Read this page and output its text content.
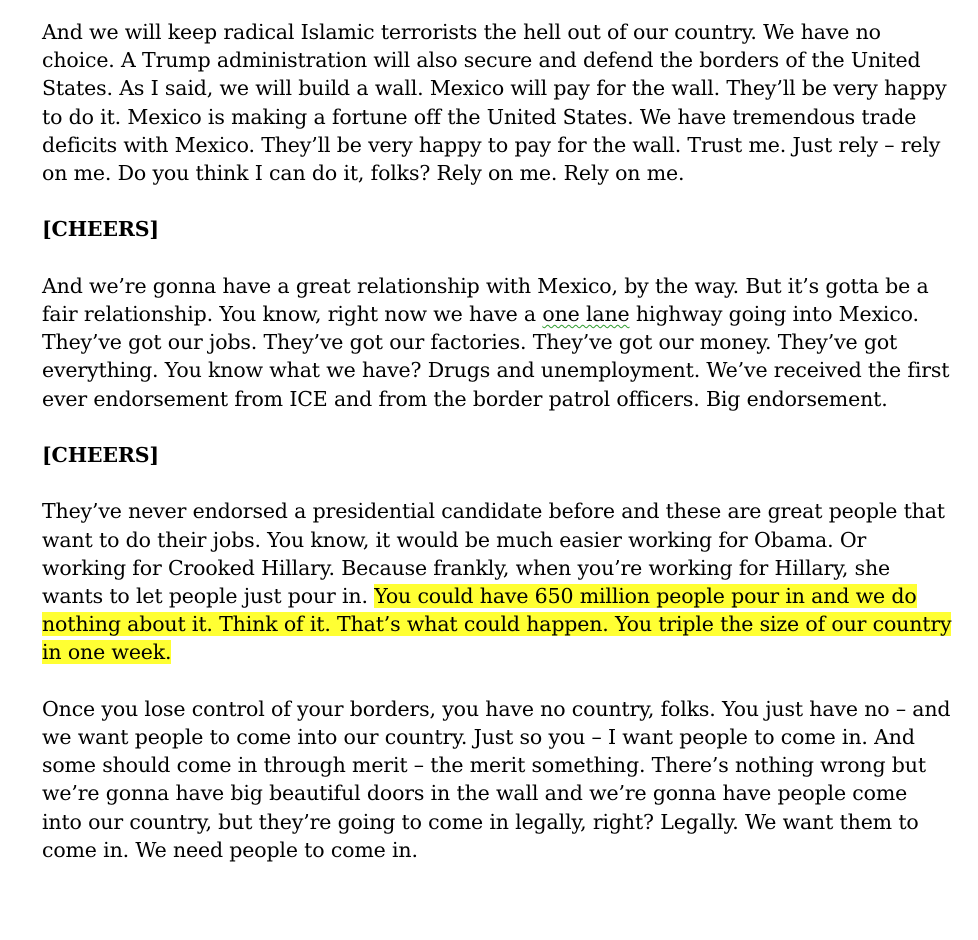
And we will keep radical Islamic terrorists the hell out of our country. We have no choice. A Trump administration will also secure and defend the borders of the United States. As I said, we will build a wall. Mexico will pay for the wall. They’ll be very happy to do it. Mexico is making a fortune off the United States. We have tremendous trade deficits with Mexico. They’ll be very happy to pay for the wall. Trust me. Just rely – rely on me. Do you think I can do it, folks? Rely on me. Rely on me.

[CHEERS]

And we’re gonna have a great relationship with Mexico, by the way. But it’s gotta be a fair relationship. You know, right now we have a one lane highway going into Mexico. They’ve got our jobs. They’ve got our factories. They’ve got our money. They’ve got everything. You know what we have? Drugs and unemployment. We’ve received the first ever endorsement from ICE and from the border patrol officers. Big endorsement.

[CHEERS]

They’ve never endorsed a presidential candidate before and these are great people that want to do their jobs. You know, it would be much easier working for Obama. Or working for Crooked Hillary. Because frankly, when you’re working for Hillary, she wants to let people just pour in. You could have 650 million people pour in and we do nothing about it. Think of it. That’s what could happen. You triple the size of our country in one week.

Once you lose control of your borders, you have no country, folks. You just have no – and we want people to come into our country. Just so you – I want people to come in. And some should come in through merit – the merit something. There’s nothing wrong but we’re gonna have big beautiful doors in the wall and we’re gonna have people come into our country, but they’re going to come in legally, right? Legally. We want them to come in. We need people to come in.
